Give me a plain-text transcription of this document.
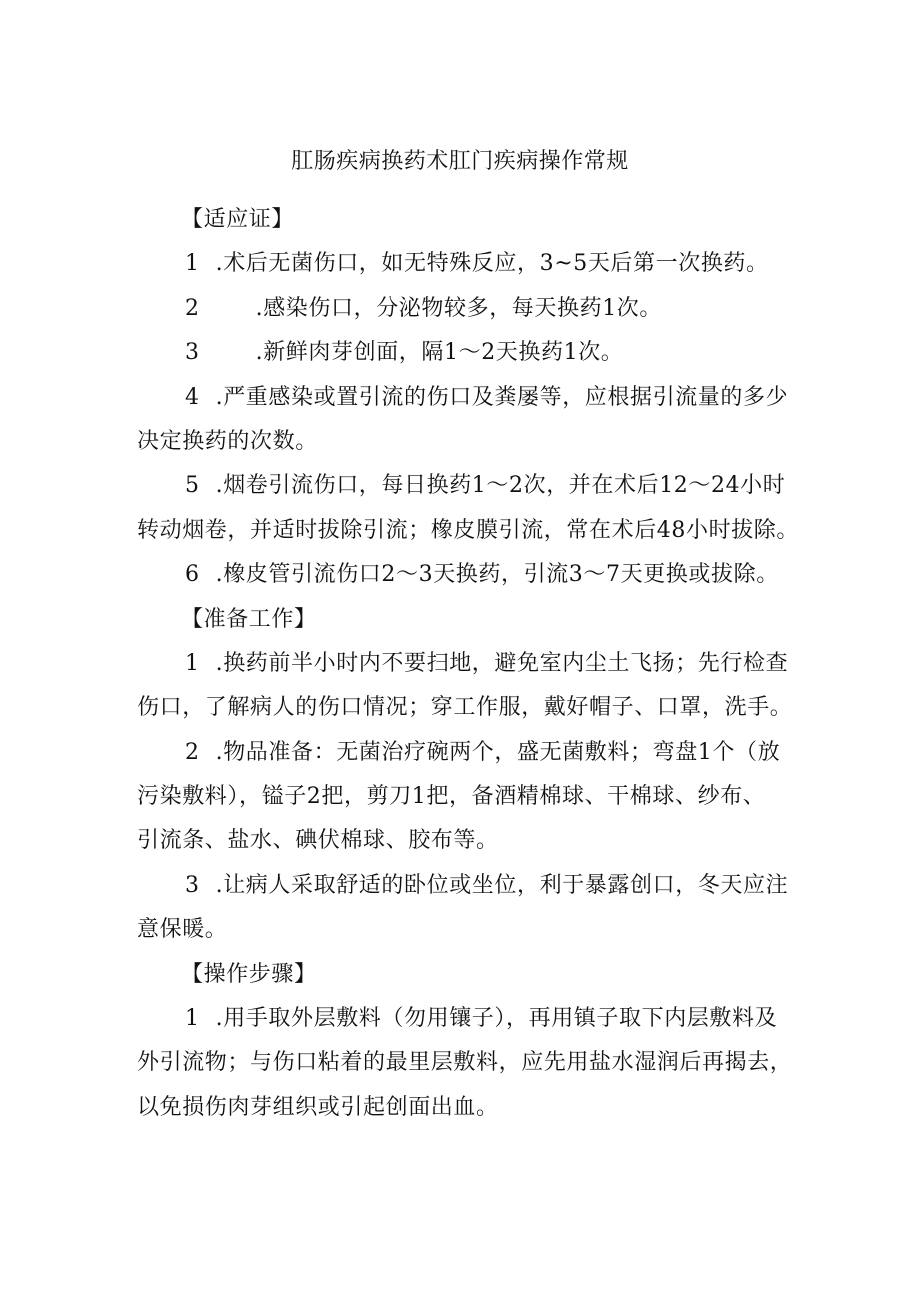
肛肠疾病换药术肛门疾病操作常规
【适应证】
1 .术后无菌伤口，如无特殊反应，3~5天后第一次换药。
2	.感染伤口，分泌物较多，每天换药1次。
3	.新鲜肉芽创面，隔1～2天换药1次。
4 .严重感染或置引流的伤口及粪屡等，应根据引流量的多少
决定换药的次数。
5 .烟卷引流伤口，每日换药1～2次，并在术后12～24小时
转动烟卷，并适时拔除引流；橡皮膜引流，常在术后48小时拔除。
6 .橡皮管引流伤口2～3天换药，引流3～7天更换或拔除。
【准备工作】
1 .换药前半小时内不要扫地，避免室内尘土飞扬；先行检查
伤口，了解病人的伤口情况；穿工作服，戴好帽子、口罩，洗手。
2 .物品准备：无菌治疗碗两个，盛无菌敷料；弯盘1个（放
污染敷料），镒子2把，剪刀1把，备酒精棉球、干棉球、纱布、
引流条、盐水、碘伏棉球、胶布等。
3 .让病人采取舒适的卧位或坐位，利于暴露创口，冬天应注
意保暖。
【操作步骤】
1 .用手取外层敷料（勿用镶子），再用镇子取下内层敷料及
外引流物；与伤口粘着的最里层敷料，应先用盐水湿润后再揭去，
以免损伤肉芽组织或引起创面出血。
